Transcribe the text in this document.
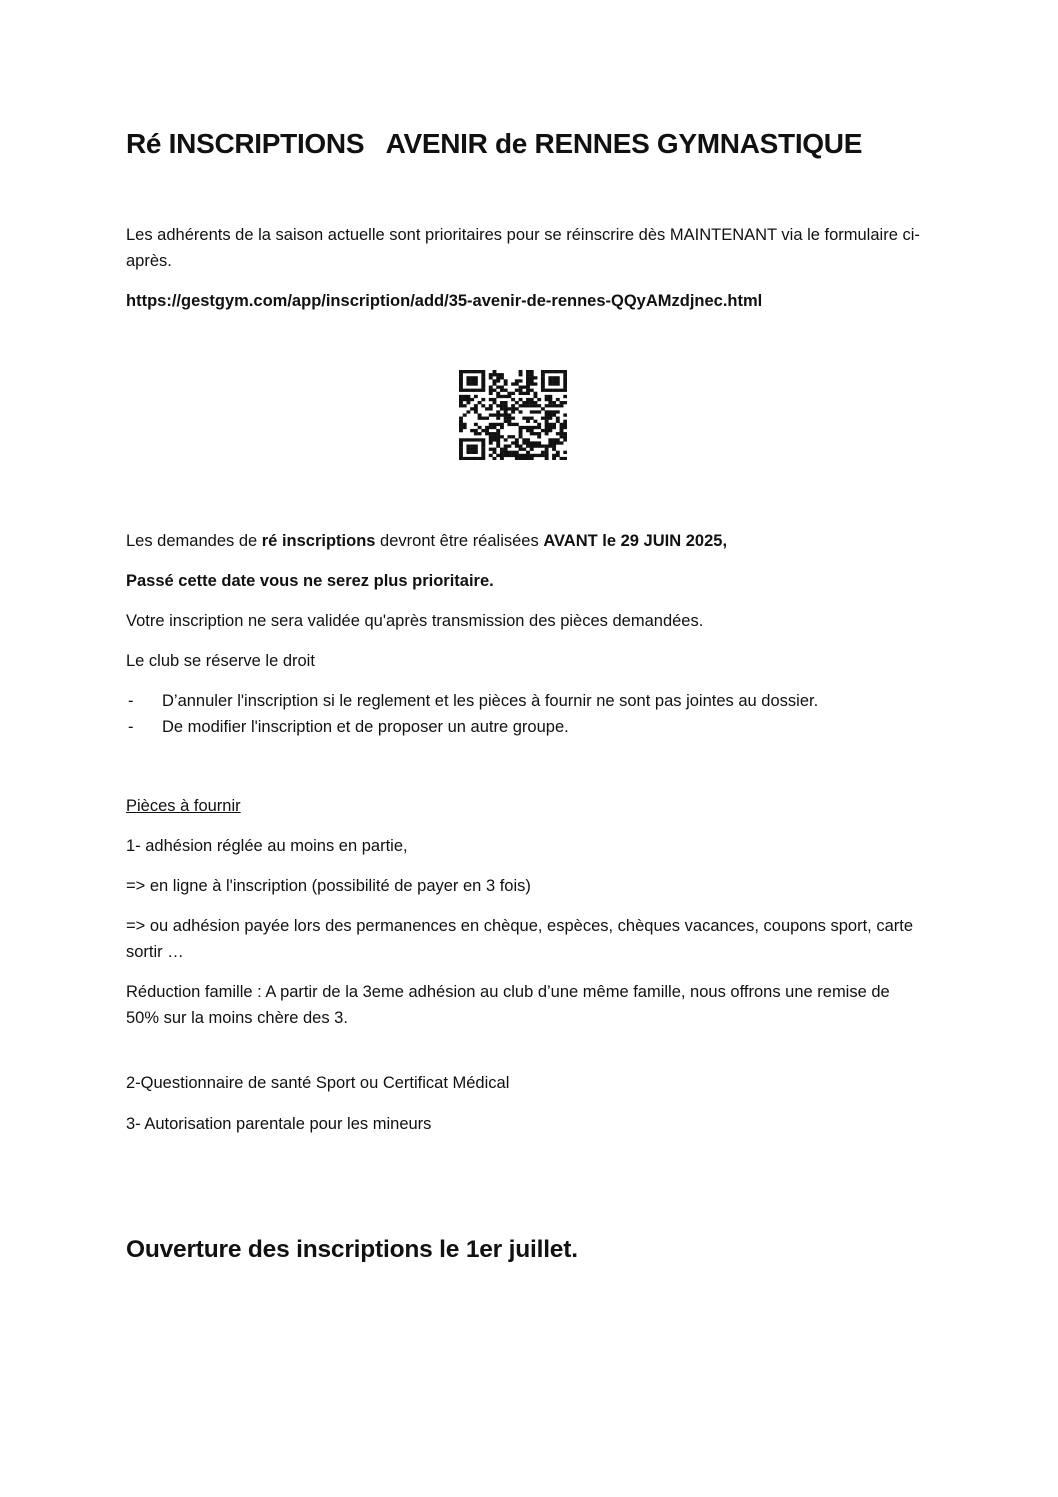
Ré INSCRIPTIONS   AVENIR de RENNES GYMNASTIQUE

Les adhérents de la saison actuelle sont prioritaires pour se réinscrire dès MAINTENANT via le formulaire ci-après.

https://gestgym.com/app/inscription/add/35-avenir-de-rennes-QQyAMzdjnec.html

Les demandes de ré inscriptions devront être réalisées AVANT le 29 JUIN 2025,

Passé cette date vous ne serez plus prioritaire.

Votre inscription ne sera validée qu'après transmission des pièces demandées.

Le club se réserve le droit

- D’annuler l'inscription si le reglement et les pièces à fournir ne sont pas jointes au dossier.
- De modifier l'inscription et de proposer un autre groupe.

Pièces à fournir

1- adhésion réglée au moins en partie,

=> en ligne à l'inscription (possibilité de payer en 3 fois)

=> ou adhésion payée lors des permanences en chèque, espèces, chèques vacances, coupons sport, carte sortir …

Réduction famille : A partir de la 3eme adhésion au club d’une même famille, nous offrons une remise de 50% sur la moins chère des 3.

2-Questionnaire de santé Sport ou Certificat Médical

3- Autorisation parentale pour les mineurs

Ouverture des inscriptions le 1er juillet.
